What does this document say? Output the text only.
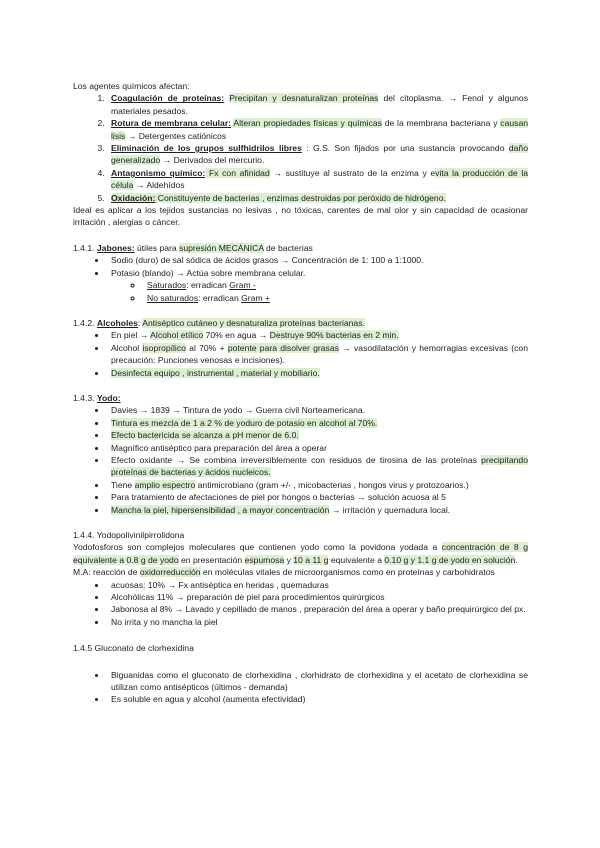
Los agentes químicos afectan:

1. Coagulación de proteínas: Precipitan y desnaturalizan proteínas del citoplasma. → Fenol y algunos materiales pesados.
2. Rotura de membrana celular: Alteran propiedades físicas y químicas de la membrana bacteriana y causan lisis → Detergentes catiónicos
3. Eliminación de los grupos sulfhidrilos libres : G.S. Son fijados por una sustancia provocando daño generalizado → Derivados del mercurio.
4. Antagonismo químico: Fx con afinidad → sustituye al sustrato de la enzima y evita la producción de la célula → Aldehídos
5. Oxidación: Constituyente de bacterias , enzimas destruidas por peróxido de hidrógeno.

Ideal es aplicar a los tejidos sustancias no lesivas , no tóxicas, carentes de mal olor y sin capacidad de ocasionar irritación , alergias o cáncer.

1.4.1. Jabones: útiles para supresión MECÁNICA de bacterias

• Sodio (duro) de sal sódica de ácidos grasos → Concentración de 1: 100 a 1:1000.
• Potasio (blando) → Actúa sobre membrana celular.
◦ Saturados: erradican Gram -
◦ No saturados: erradican Gram +

1.4.2. Alcoholes: Antiséptico cutáneo y desnaturaliza proteínas bacterianas.

• En piel → Alcohol etílico 70% en agua → Destruye 90% bacterias en 2 min.
• Alcohol isopropílico al 70% + potente para disolver grasas → vasodilatación y hemorragias excesivas (con precaución: Punciones venosas e incisiones).
• Desinfecta equipo , instrumental , material y mobiliario.

1.4.3. Yodo:

• Davies → 1839 → Tintura de yodo → Guerra civil Norteamericana.
• Tintura es mezcla de 1 a 2 % de yoduro de potasio en alcohol al 70%.
• Efecto bactericida se alcanza a pH menor de 6.0.
• Magnífico antiséptico para preparación del área a operar
• Efecto oxidante → Se combina irreversiblemente con residuos de tirosina de las proteínas precipitando proteínas de bacterias y ácidos nucleicos.
• Tiene amplio espectro antimicrobiano (gram +/- , micobacterias , hongos virus y protozoarios.)
• Para tratamiento de afectaciones de piel por hongos o bacterias → solución acuosa al 5
• Mancha la piel, hipersensibilidad , a mayor concentración → irritación y quemadura local.

1.4.4. Yodopolivinilpirrolidona

Yodofosforos son complejos moleculares que contienen yodo como la povidona yodada a concentración de 8 g equivalente a 0.8 g de yodo en presentación espumosa y 10 a 11 g equivalente a 0.10 g y 1.1 g de yodo en solución.

M.A: reacción de oxidorreducción en moléculas vitales de microorganismos como en proteínas y carbohidratos

• acuosas: 10% → Fx antiséptica en heridas , quemaduras
• Alcohólicas 11% → preparación de piel para procedimientos quirúrgicos
• Jabonosa al 8% → Lavado y cepillado de manos , preparación del área a operar y baño prequirúrgico del px.
• No irrita y no mancha la piel

1.4.5 Gluconato de clorhexidina

• Biguanidas como el gluconato de clorhexidina , clorhidrato de clorhexidina y el acetato de clorhexidina se utilizan como antisépticos (últimos - demanda)
• Es soluble en agua y alcohol (aumenta efectividad)
